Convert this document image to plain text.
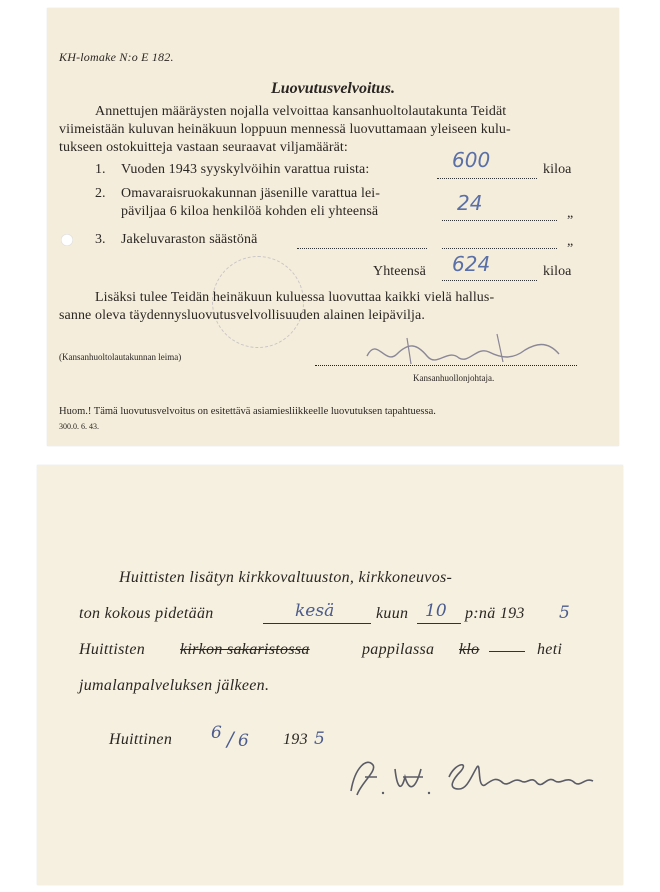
KH-lomake N:o E 182.
Luovutusvelvoitus.
Annettujen määräysten nojalla velvoittaa kansanhuoltolautakunta Teidät
viimeistään kuluvan heinäkuun loppuun mennessä luovuttamaan yleiseen kulu-
tukseen ostokuitteja vastaan seuraavat viljamäärät:
1. Vuoden 1943 syyskylvöihin varattua ruista:	600	kiloa
2. Omavaraisruokakunnan jäsenille varattua lei-
päviljaa 6 kiloa henkilöä kohden eli yhteensä	24	„
3. Jakeluvaraston säästönä	„
Yhteensä 624	kiloa
Lisäksi tulee Teidän heinäkuun kuluessa luovuttaa kaikki vielä hallus-
sanne oleva täydennysluovutusvelvollisuuden alainen leipävilja.
(Kansanhuoltolautakunnan leima)
Kansanhuollonjohtaja.
Huom.! Tämä luovutusvelvoitus on esitettävä asiamiesliikkeelle luovutuksen tapahtuessa.
300.0. 6. 43.
Huittisten lisätyn kirkkovaltuuston, kirkkoneuvos-
ton kokous pidetään	kesä	kuun 10 p:nä 193 5
Huittisten kirkon sakaristossa	pappilassa klo	heti
jumalanpalveluksen jälkeen.
Huittinen 6 / 6 193 5
